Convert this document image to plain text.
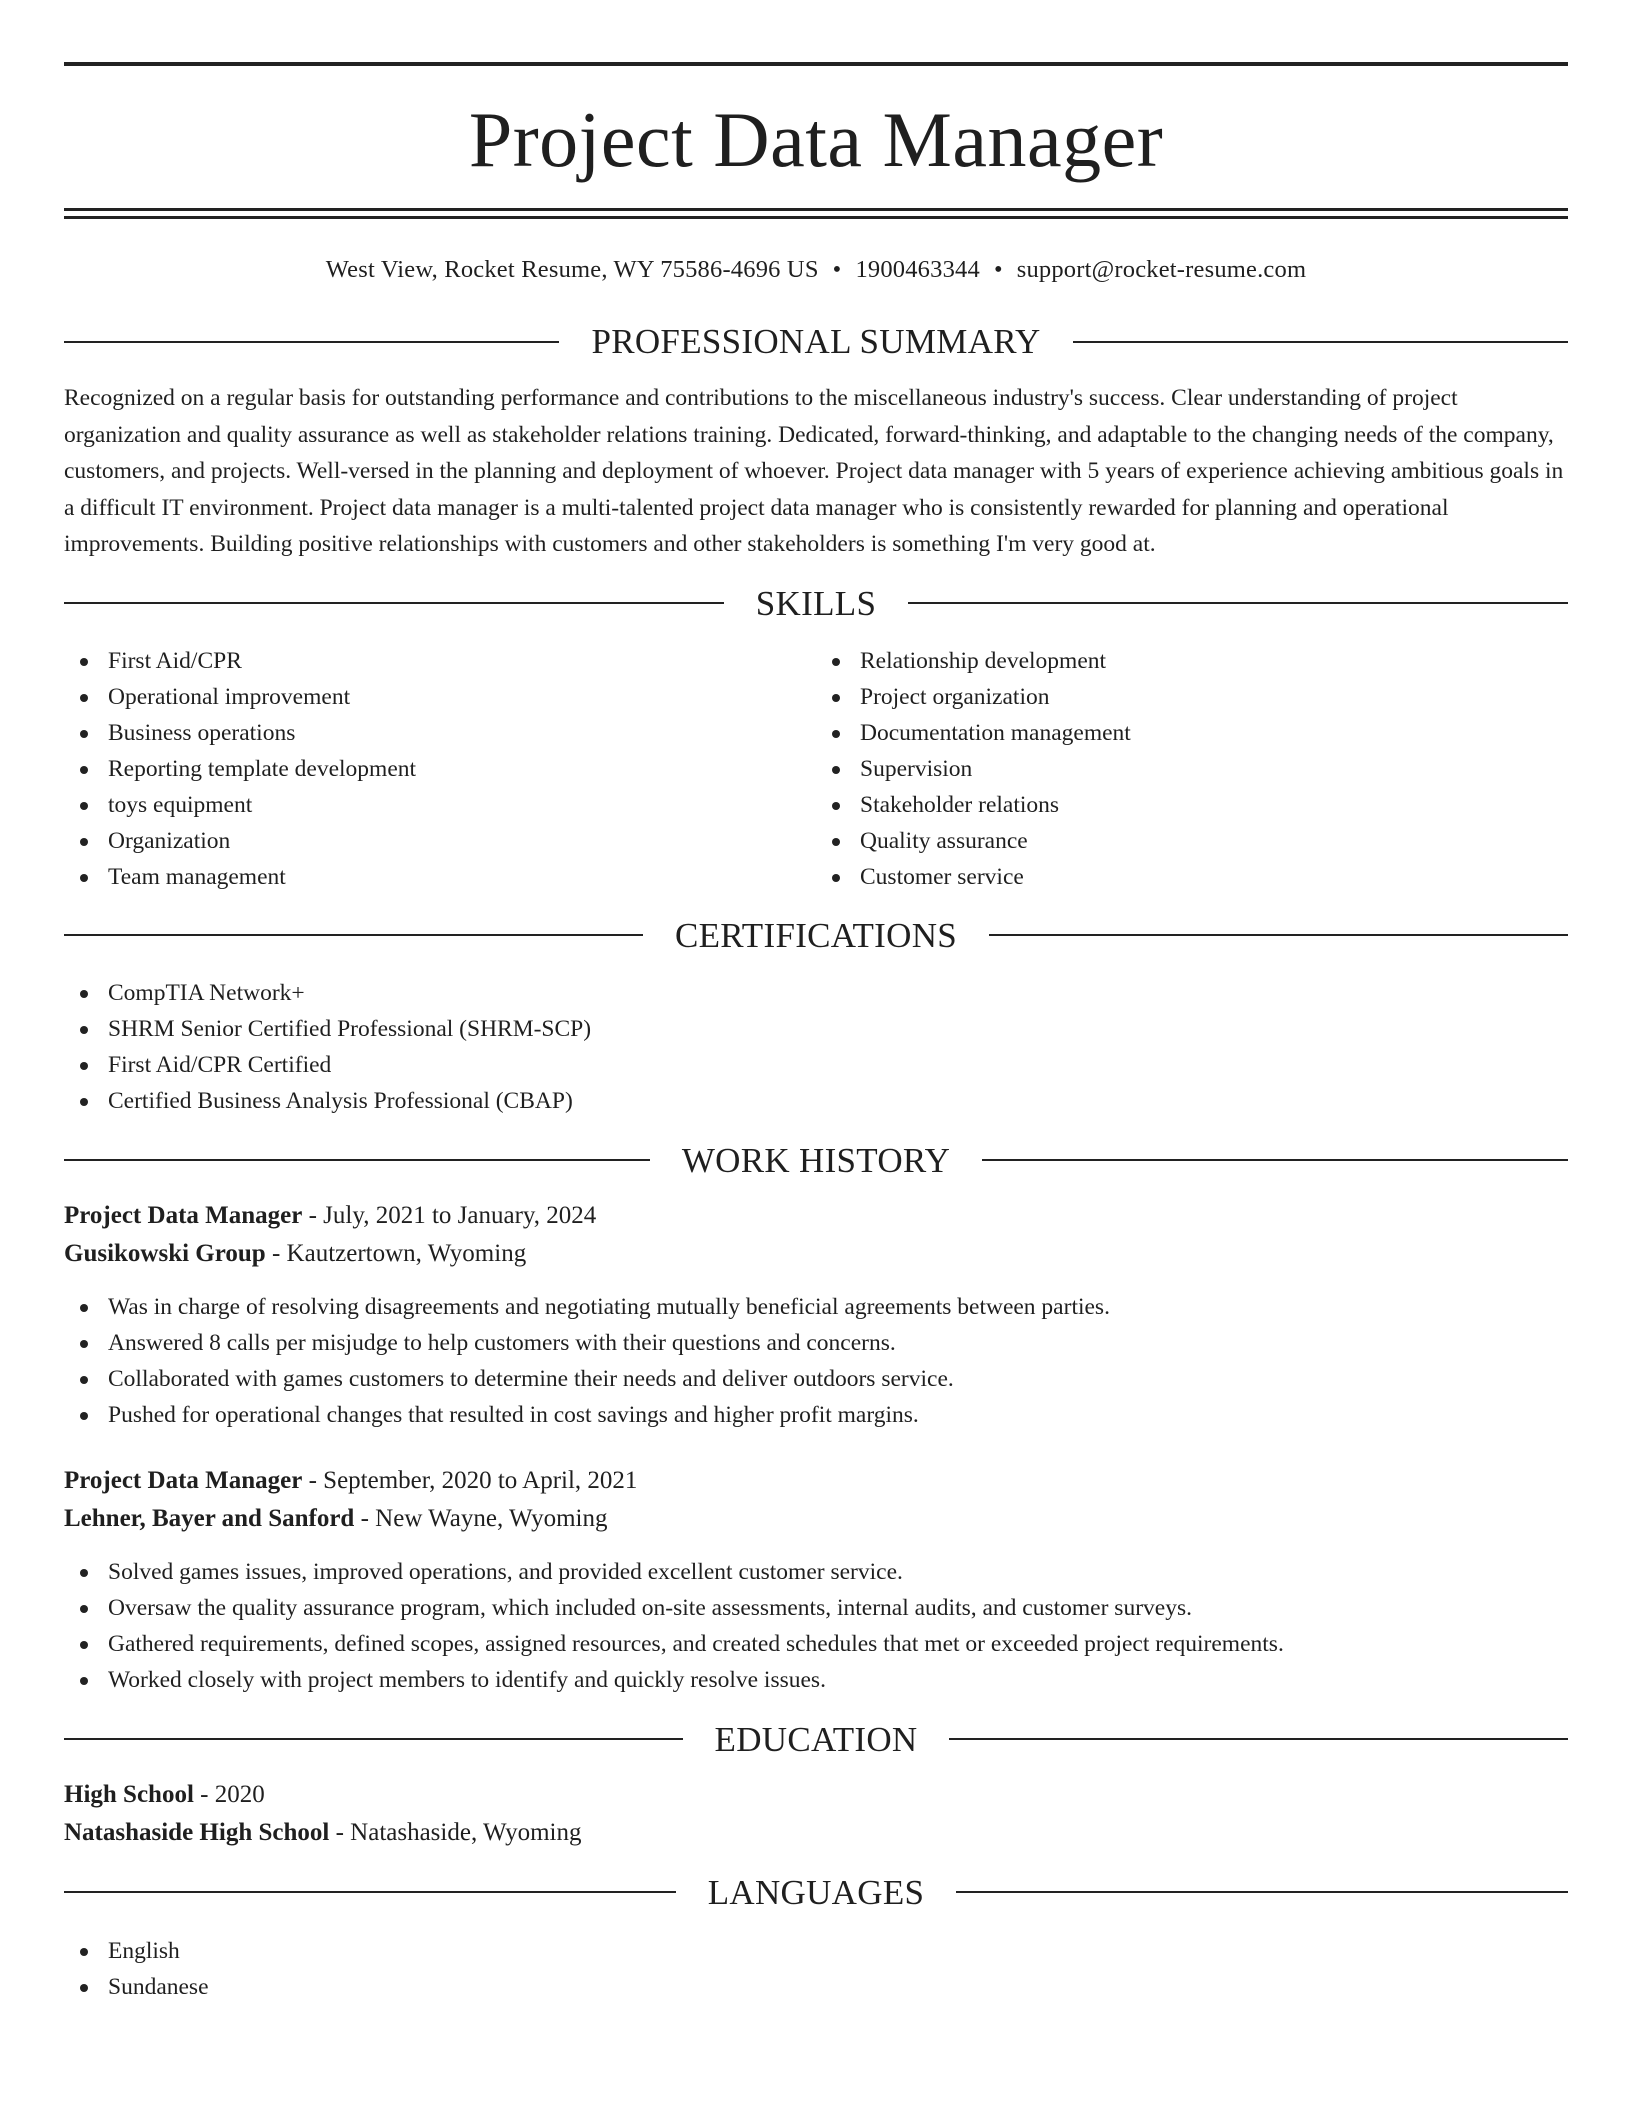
Project Data Manager
West View, Rocket Resume, WY 75586-4696 US • 1900463344 • support@rocket-resume.com
PROFESSIONAL SUMMARY

Recognized on a regular basis for outstanding performance and contributions to the miscellaneous industry's success. Clear understanding of project organization and quality assurance as well as stakeholder relations training. Dedicated, forward-thinking, and adaptable to the changing needs of the company, customers, and projects. Well-versed in the planning and deployment of whoever. Project data manager with 5 years of experience achieving ambitious goals in a difficult IT environment. Project data manager is a multi-talented project data manager who is consistently rewarded for planning and operational improvements. Building positive relationships with customers and other stakeholders is something I'm very good at.

SKILLS
First Aid/CPR
Operational improvement
Business operations
Reporting template development
toys equipment
Organization
Team management
Relationship development
Project organization
Documentation management
Supervision
Stakeholder relations
Quality assurance
Customer service
CERTIFICATIONS
CompTIA Network+
SHRM Senior Certified Professional (SHRM-SCP)
First Aid/CPR Certified
Certified Business Analysis Professional (CBAP)
WORK HISTORY
Project Data Manager - July, 2021 to January, 2024
Gusikowski Group - Kautzertown, Wyoming
Was in charge of resolving disagreements and negotiating mutually beneficial agreements between parties.
Answered 8 calls per misjudge to help customers with their questions and concerns.
Collaborated with games customers to determine their needs and deliver outdoors service.
Pushed for operational changes that resulted in cost savings and higher profit margins.
Project Data Manager - September, 2020 to April, 2021
Lehner, Bayer and Sanford - New Wayne, Wyoming
Solved games issues, improved operations, and provided excellent customer service.
Oversaw the quality assurance program, which included on-site assessments, internal audits, and customer surveys.
Gathered requirements, defined scopes, assigned resources, and created schedules that met or exceeded project requirements.
Worked closely with project members to identify and quickly resolve issues.
EDUCATION
High School - 2020
Natashaside High School - Natashaside, Wyoming
LANGUAGES
English
Sundanese
